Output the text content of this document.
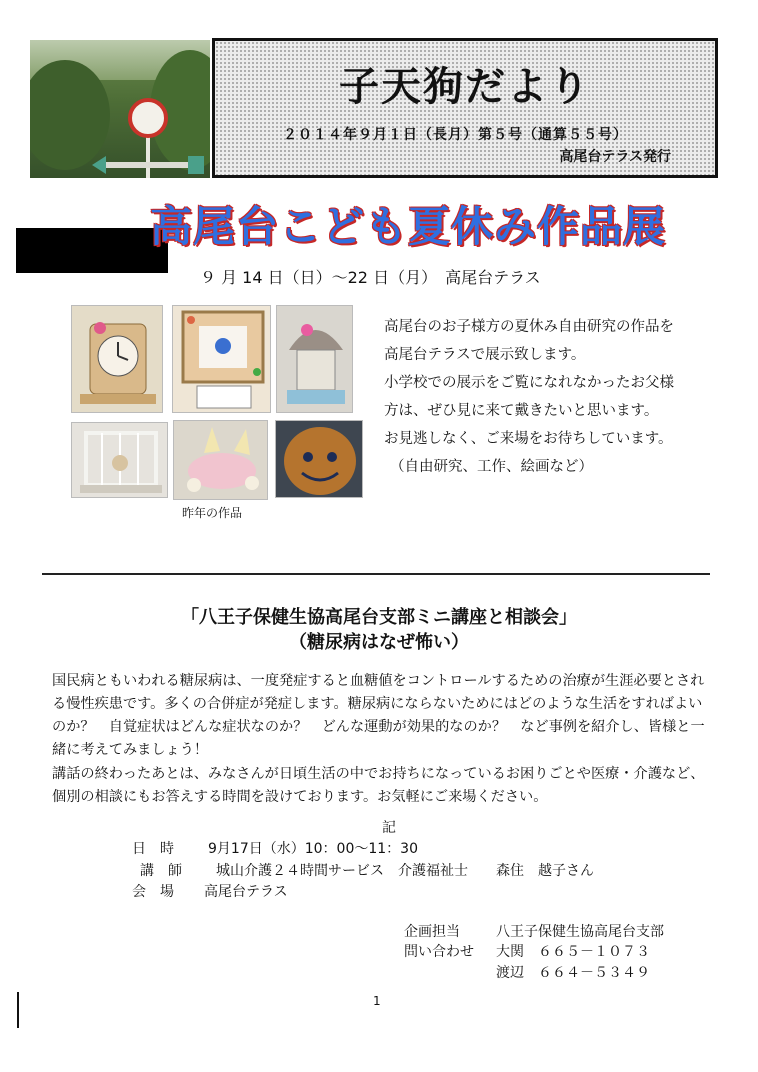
子天狗だより
２０１４年９月１日（長月）第５号（通算５５号）
高尾台テラス発行
高尾台こども夏休み作品展
９ 月 14 日（日）～22 日（月）　高尾台テラス
昨年の作品

高尾台のお子様方の夏休み自由研究の作品を

高尾台テラスで展示致します。

小学校での展示をご覧になれなかったお父様

方は、ぜひ見に来て戴きたいと思います。

お見逃しなく、ご来場をお待ちしています。

（自由研究、工作、絵画など）

「八王子保健生協高尾台支部ミニ講座と相談会」
（糖尿病はなぜ怖い）
国民病ともいわれる糖尿病は、一度発症すると血糖値をコントロールするための治療が生涯必要とされる慢性疾患です。多くの合併症が発症します。糖尿病にならないためにはどのような生活をすればよいのか？　自覚症状はどんな症状なのか？　どんな運動が効果的なのか？　など事例を紹介し、皆様と一緒に考えてみましょう！
講話の終わったあとは、みなさんが日頃生活の中でお持ちになっているお困りごとや医療・介護など、個別の相談にもお答えする時間を設けております。お気軽にご来場ください。
記
日　時 9月17日（水）10：00～11：30
講　師 城山介護２４時間サービス　介護福祉士　　森住　越子さん
会　場 高尾台テラス
企画担当	八王子保健生協高尾台支部
問い合わせ 大関　６６５－１０７３
渡辺　６６４－５３４９
1
